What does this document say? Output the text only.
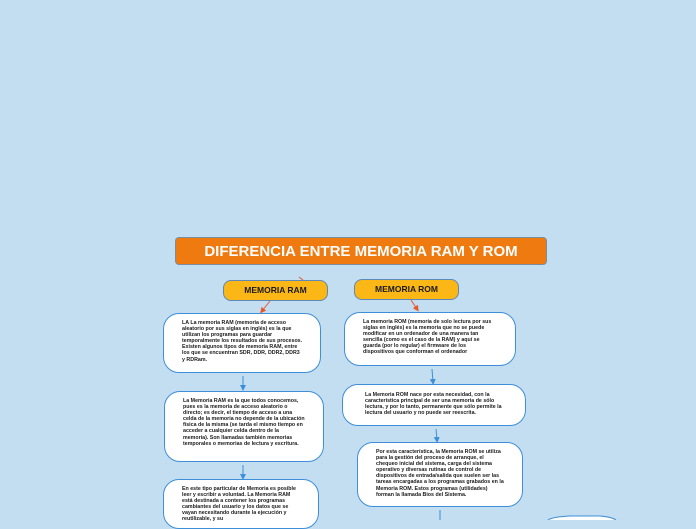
DIFERENCIA ENTRE MEMORIA RAM Y ROM
MEMORIA RAM	MEMORIA ROM
LA La memoria RAM (memoria de acceso aleatorio por sus siglas en inglés) es la que utilizan los programas para guardar temporalmente los resultados de sus procesos. Existen algunos tipos de memoria RAM, entre los que se encuentran SDR, DDR, DDR2, DDR3 y RDRam.
La Memoria RAM es la que todos conocemos, pues es la memoria de acceso aleatorio o directo; es decir, el tiempo de acceso a una celda de la memoria no depende de la ubicación física de la misma (se tarda el mismo tiempo en acceder a cualquier celda dentro de la memoria). Son llamadas también memorias temporales o memorias de lectura y escritura.
En este tipo particular de Memoria es posible leer y escribir a voluntad. La Memoria RAM está destinada a contener los programas cambiantes del usuario y los datos que se vayan necesitando durante la ejecución y reutilizable, y su
La memoria ROM (memoria de solo lectura por sus siglas en inglés) es la memoria que no se puede modificar en un ordenador de una manera tan sencilla (como es el caso de la RAM) y aquí se guarda (por lo regular) el firmware de los dispositivos que conforman el ordenador
La Memoria ROM nace por esta necesidad, con la característica principal de ser una memoria de sólo lectura, y por lo tanto, permanente que sólo permite la lectura del usuario y no puede ser reescrita.
Por esta característica, la Memoria ROM se utiliza para la gestión del proceso de arranque, el chequeo inicial del sistema, carga del sistema operativo y diversas rutinas de control de dispositivos de entrada/salida que suelen ser las tareas encargadas a los programas grabados en la Memoria ROM. Estos programas (utilidades) forman la llamada Bios del Sistema.
